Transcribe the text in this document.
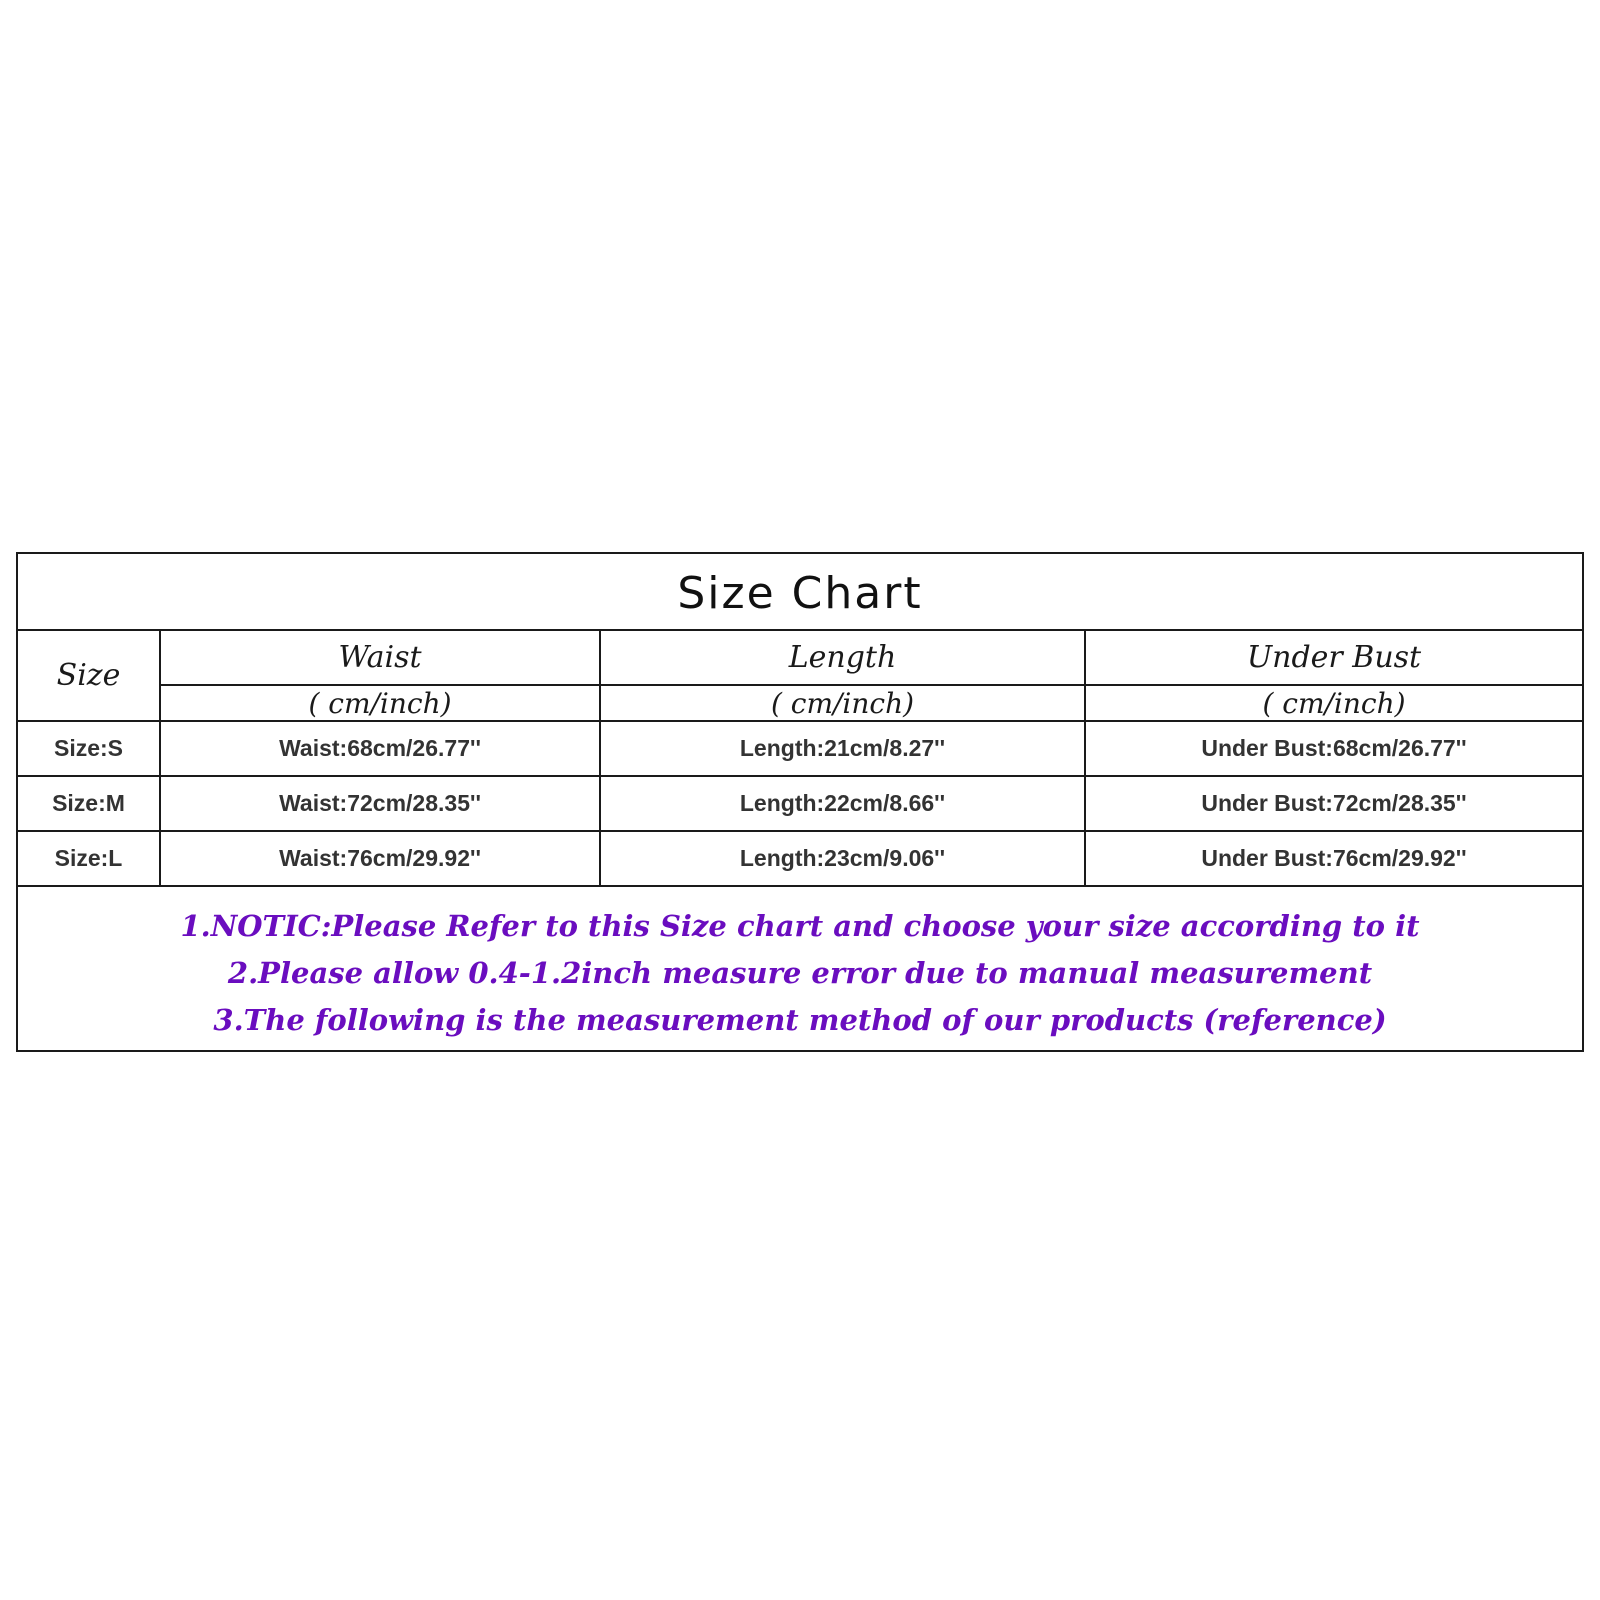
Size Chart
Size	Waist	Length	Under Bust
	( cm/inch)	( cm/inch)	( cm/inch)
Size:S	Waist:68cm/26.77''	Length:21cm/8.27''	Under Bust:68cm/26.77''
Size:M	Waist:72cm/28.35''	Length:22cm/8.66''	Under Bust:72cm/28.35''
Size:L	Waist:76cm/29.92''	Length:23cm/9.06''	Under Bust:76cm/29.92''
1.NOTIC:Please Refer to this Size chart and choose your size according to it
2.Please allow 0.4-1.2inch measure error due to manual measurement
3.The following is the measurement method of our products (reference)
